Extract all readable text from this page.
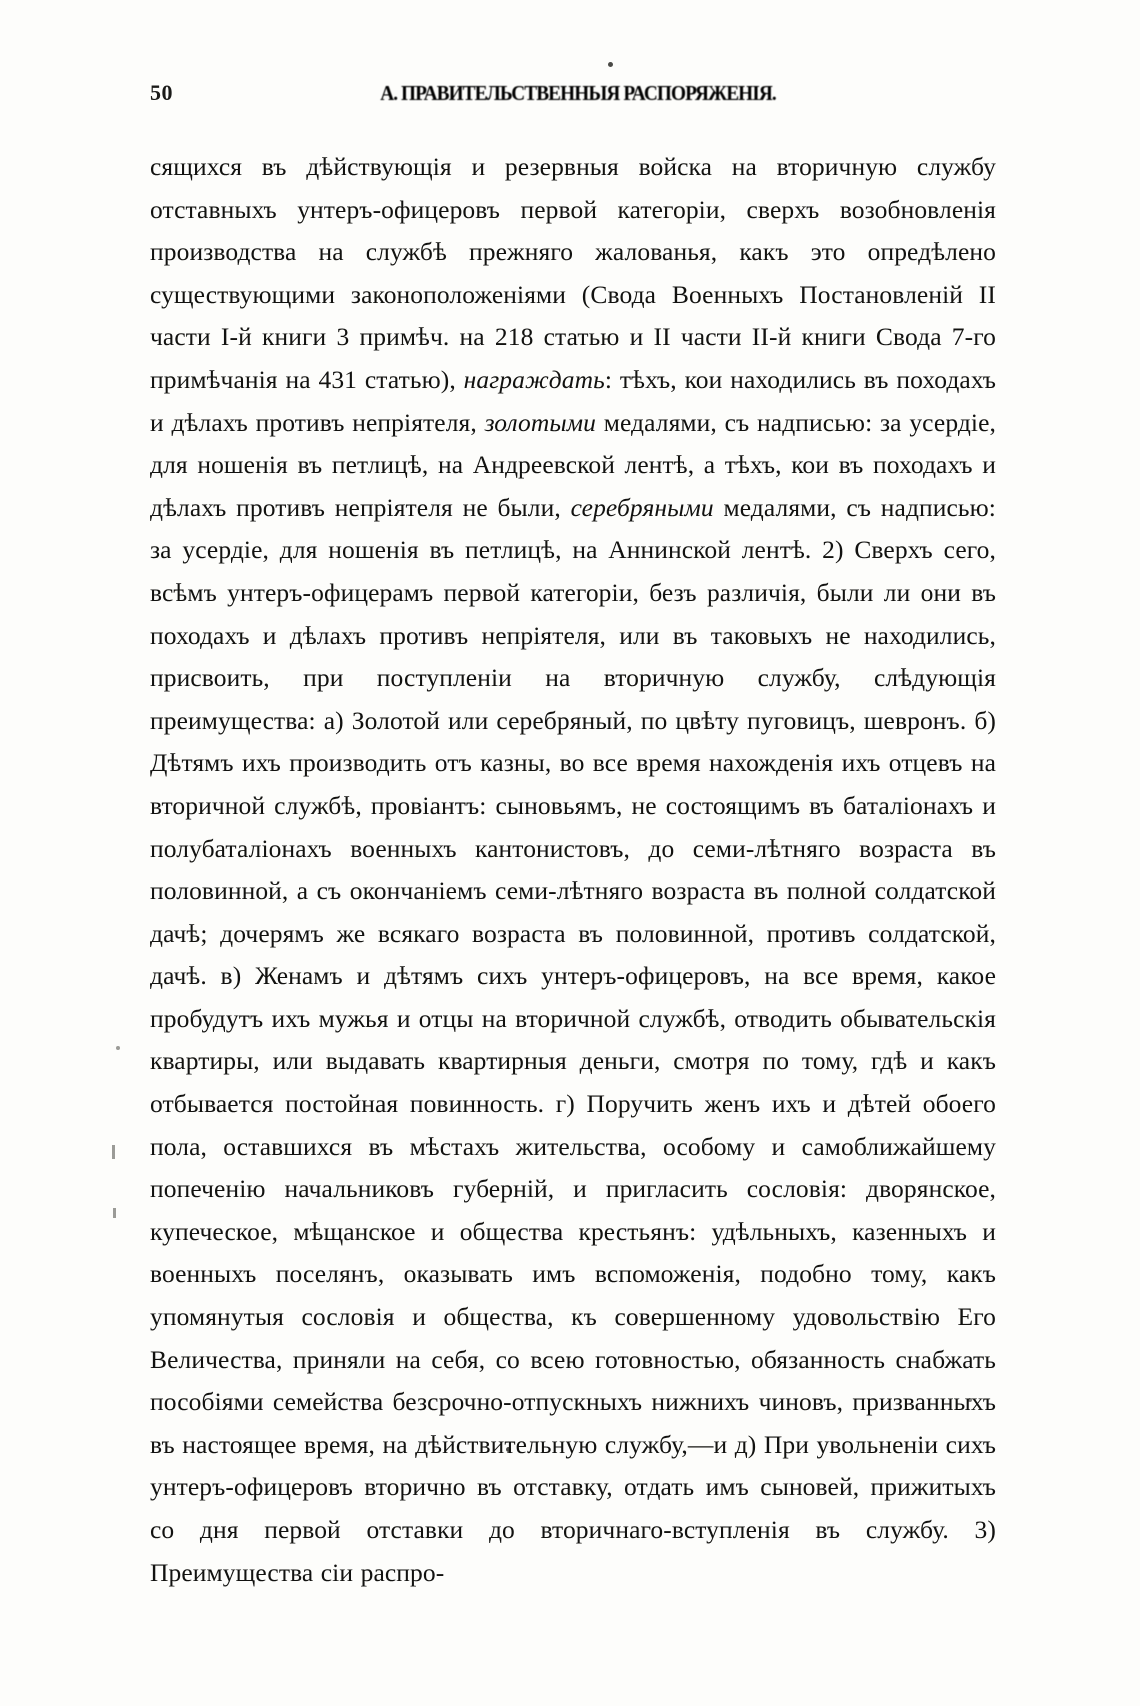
50	А. ПРАВИТЕЛЬСТВЕННЫЯ РАСПОРЯЖЕНІЯ.

сящихся въ дѣйствующія и резервныя войска на вторичную службу отставныхъ унтеръ-офицеровъ первой категоріи, сверхъ возобновленія производства на службѣ прежняго жалованья, какъ это опредѣлено существующими законоположеніями (Свода Военныхъ Постановленій II части I-й книги 3 примѣч. на 218 статью и II части II-й книги Свода 7-го примѣчанія на 431 статью), награждать: тѣхъ, кои находились въ походахъ и дѣлахъ противъ непріятеля, золотыми медалями, съ надписью: за усердіе, для ношенія въ петлицѣ, на Андреевской лентѣ, а тѣхъ, кои въ походахъ и дѣлахъ противъ непріятеля не были, серебряными медалями, съ надписью: за усердіе, для ношенія въ петлицѣ, на Аннинской лентѣ. 2) Сверхъ сего, всѣмъ унтеръ-офицерамъ первой категоріи, безъ различія, были ли они въ походахъ и дѣлахъ противъ непріятеля, или въ таковыхъ не находились, присвоить, при поступленіи на вторичную службу, слѣдующія преимущества: а) Золотой или серебряный, по цвѣту пуговицъ, шевронъ. б) Дѣтямъ ихъ производить отъ казны, во все время нахожденія ихъ отцевъ на вторичной службѣ, провіантъ: сыновьямъ, не состоящимъ въ баталіонахъ и полубаталіонахъ военныхъ кантонистовъ, до семи-лѣтняго возраста въ половинной, а съ окончаніемъ семи-лѣтняго возраста въ полной солдатской дачѣ; дочерямъ же всякаго возраста въ половинной, противъ солдатской, дачѣ. в) Женамъ и дѣтямъ сихъ унтеръ-офицеровъ, на все время, какое пробудутъ ихъ мужья и отцы на вторичной службѣ, отводить обывательскія квартиры, или выдавать квартирныя деньги, смотря по тому, гдѣ и какъ отбывается постойная повинность. г) Поручить женъ ихъ и дѣтей обоего пола, оставшихся въ мѣстахъ жительства, особому и самоближайшему попеченію начальниковъ губерній, и пригласить сословія: дворянское, купеческое, мѣщанское и общества крестьянъ: удѣльныхъ, казенныхъ и военныхъ поселянъ, оказывать имъ вспоможенія, подобно тому, какъ упомянутыя сословія и общества, къ совершенному удовольствію Его Величества, приняли на себя, со всею готовностью, обязанность снабжать пособіями семейства безсрочно-отпускныхъ нижнихъ чиновъ, призванныхъ въ настоящее время, на дѣйствительную службу,—и д) При увольненіи сихъ унтеръ-офицеровъ вторично въ отставку, отдать имъ сыновей, прижитыхъ со дня первой отставки до вторичнаго-вступленія въ службу. 3) Преимущества сіи распро-
